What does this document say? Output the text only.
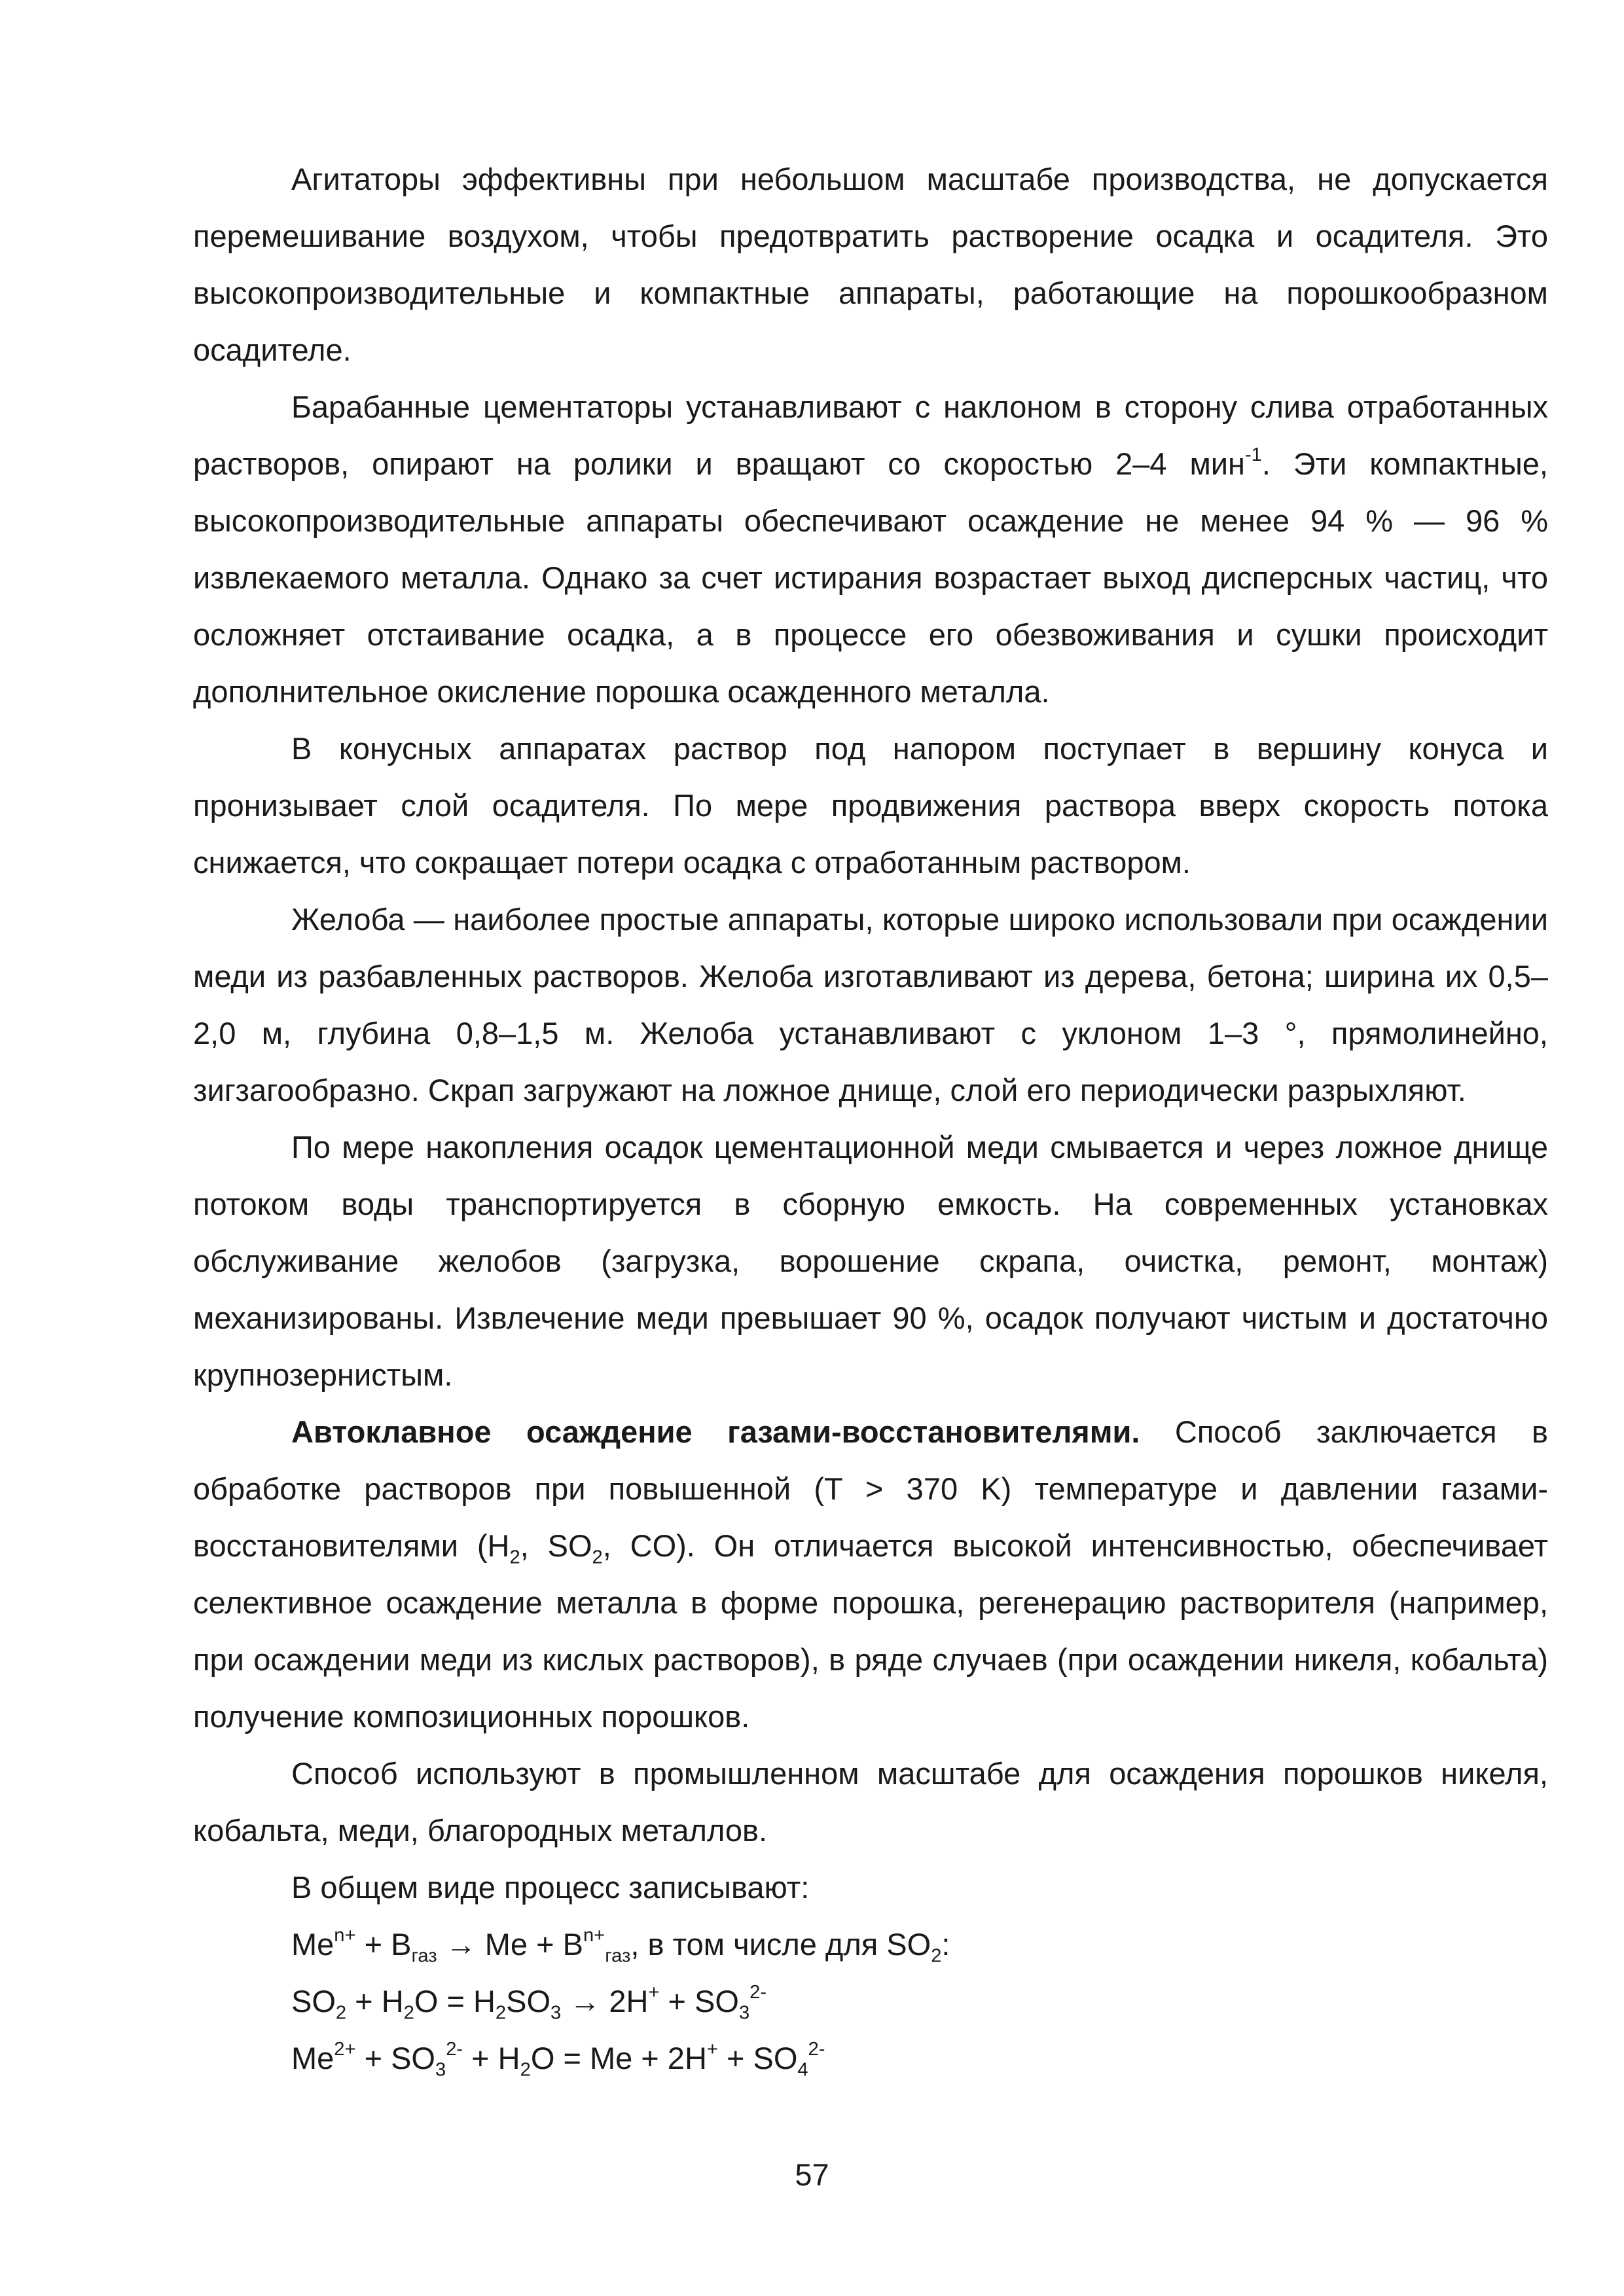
Агитаторы эффективны при небольшом масштабе производства, не допускается перемешивание воздухом, чтобы предотвратить растворение осадка и осадителя. Это высокопроизводительные и компактные аппараты, работающие на порошкообразном осадителе.

Барабанные цементаторы устанавливают с наклоном в сторону слива отработанных растворов, опирают на ролики и вращают со скоростью 2–4 мин$^{-1}$. Эти компактные, высокопроизводительные аппараты обеспечивают осаждение не менее 94 % — 96 % извлекаемого металла. Однако за счет истирания возрастает выход дисперсных частиц, что осложняет отстаивание осадка, а в процессе его обезвоживания и сушки происходит дополнительное окисление порошка осажденного металла.

В конусных аппаратах раствор под напором поступает в вершину конуса и пронизывает слой осадителя. По мере продвижения раствора вверх скорость потока снижается, что сокращает потери осадка с отработанным раствором.

Желоба — наиболее простые аппараты, которые широко использовали при осаждении меди из разбавленных растворов. Желоба изготавливают из дерева, бетона; ширина их 0,5–2,0 м, глубина 0,8–1,5 м. Желоба устанавливают с уклоном 1–3 °, прямолинейно, зигзагообразно. Скрап загружают на ложное днище, слой его периодически разрыхляют.

По мере накопления осадок цементационной меди смывается и через ложное днище потоком воды транспортируется в сборную емкость. На современных установках обслуживание желобов (загрузка, ворошение скрапа, очистка, ремонт, монтаж) механизированы. Извлечение меди превышает 90 %, осадок получают чистым и достаточно крупнозернистым.

Автоклавное осаждение газами-восстановителями. Способ заключается в обработке растворов при повышенной (T > 370 K) температуре и давлении газами-восстановителями ($H_2$, $SO_2$, CO). Он отличается высокой интенсивностью, обеспечивает селективное осаждение металла в форме порошка, регенерацию растворителя (например, при осаждении меди из кислых растворов), в ряде случаев (при осаждении никеля, кобальта) получение композиционных порошков.

Способ используют в промышленном масштабе для осаждения порошков никеля, кобальта, меди, благородных металлов.

В общем виде процесс записывают:

$Me^{n+} + B_{газ} \to Me + B^{n+}_{газ}$, в том числе для $SO_2$:

$SO_2 + H_2O = H_2SO_3 \to 2H^+ + SO_3^{2-}$

$Me^{2+} + SO_3^{2-} + H_2O = Me + 2H^+ + SO_4^{2-}$

57
